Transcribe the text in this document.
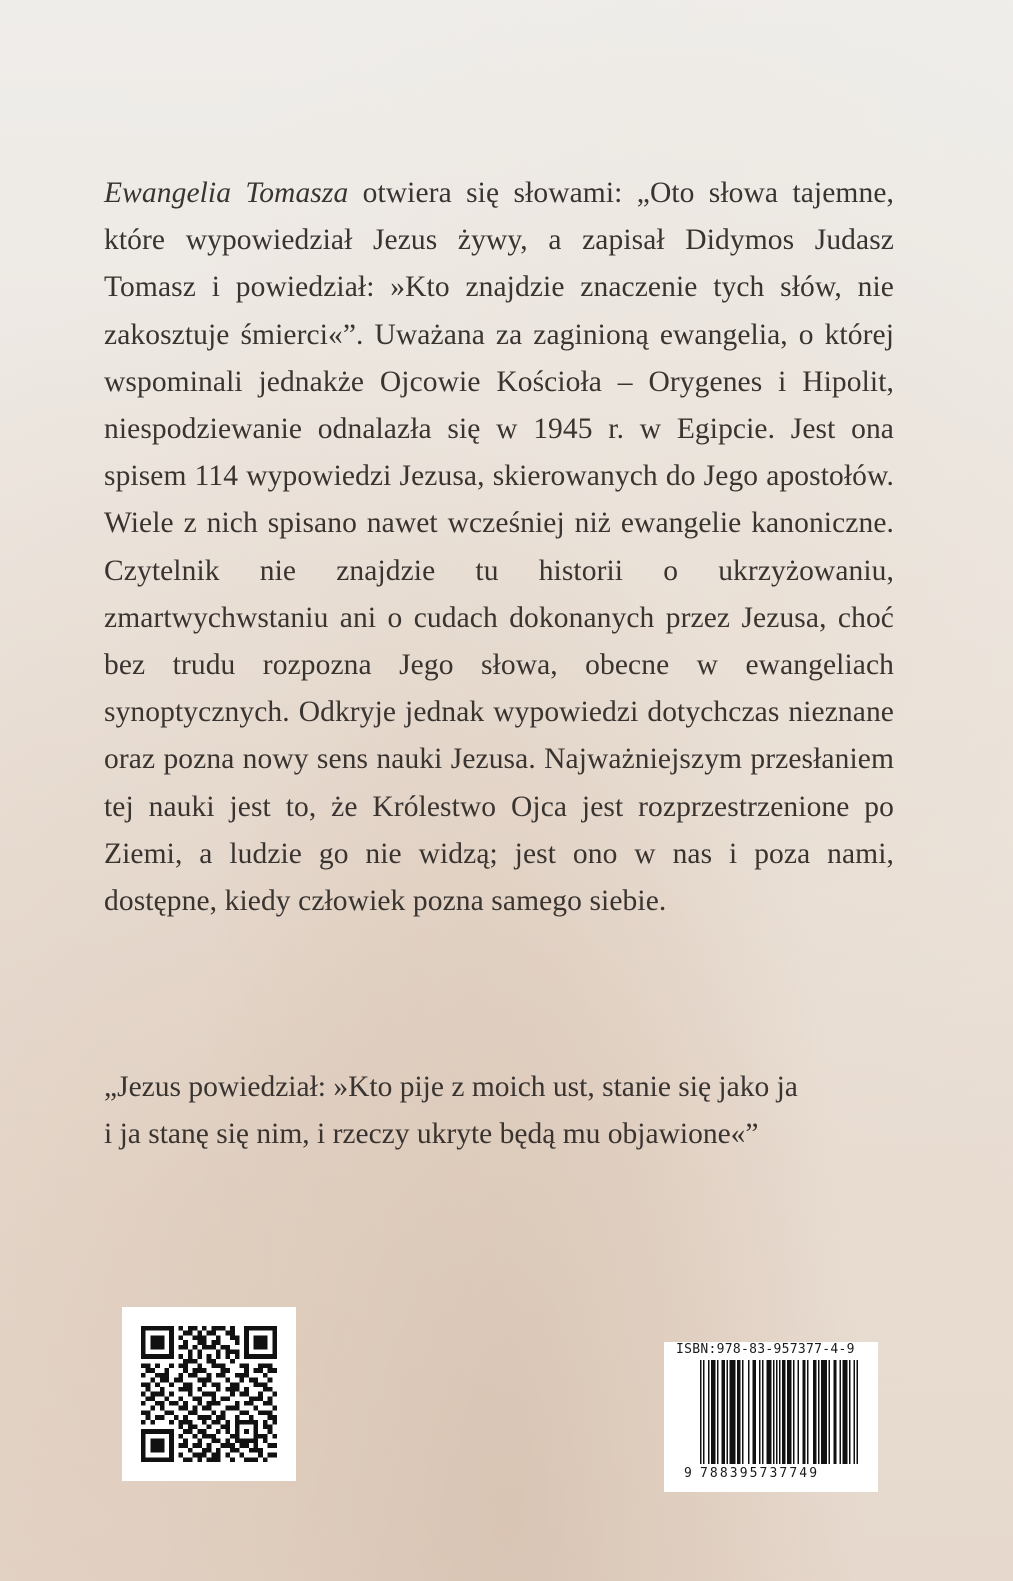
Ewangelia Tomasza otwiera się słowami: „Oto słowa tajemne, które wypowiedział Jezus żywy, a zapisał Didymos Judasz Tomasz i powiedział: »Kto znajdzie znaczenie tych słów, nie zakosztuje śmierci«”. Uważana za zaginioną ewangelia, o której wspominali jednakże Ojcowie Kościoła – Orygenes i Hipolit, niespodziewanie odnalazła się w 1945 r. w Egipcie. Jest ona spisem 114 wypowiedzi Jezusa, skierowanych do Jego apostołów. Wiele z nich spisano nawet wcześniej niż ewangelie kanoniczne. Czytelnik nie znajdzie tu historii o ukrzyżowaniu, zmartwychwstaniu ani o cudach dokonanych przez Jezusa, choć bez trudu rozpozna Jego słowa, obecne w ewangeliach synoptycznych. Odkryje jednak wypowiedzi dotychczas nieznane oraz pozna nowy sens nauki Jezusa. Najważniejszym przesłaniem tej nauki jest to, że Królestwo Ojca jest rozprzestrzenione po Ziemi, a ludzie go nie widzą; jest ono w nas i poza nami, dostępne, kiedy człowiek pozna samego siebie.

„Jezus powiedział: »Kto pije z moich ust, stanie się jako ja

i ja stanę się nim, i rzeczy ukryte będą mu objawione«”

ISBN:978-83-957377-4-9
9 788395737749
